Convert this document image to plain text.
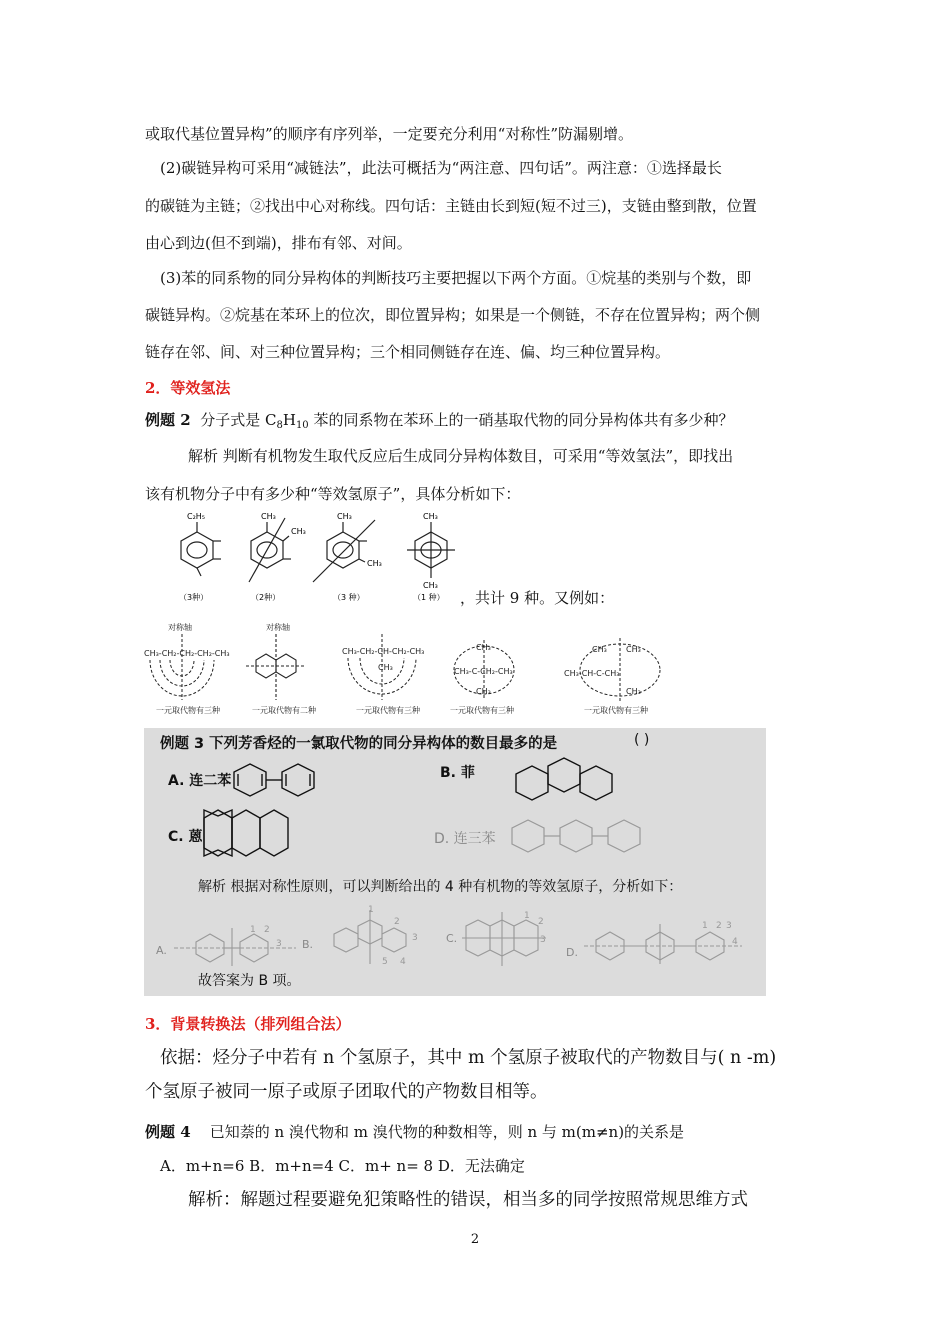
或取代基位置异构”的顺序有序列举，一定要充分利用“对称性”防漏剔增。
(2)碳链异构可采用“减链法”，此法可概括为“两注意、四句话”。两注意：①选择最长
的碳链为主链；②找出中心对称线。四句话：主链由长到短(短不过三)，支链由整到散，位置
由心到边(但不到端)，排布有邻、对间。
(3)苯的同系物的同分异构体的判断技巧主要把握以下两个方面。①烷基的类别与个数，即
碳链异构。②烷基在苯环上的位次，即位置异构；如果是一个侧链，不存在位置异构；两个侧
链存在邻、间、对三种位置异构；三个相同侧链存在连、偏、均三种位置异构。
2．等效氢法
例题 2 分子式是 $C_8H_{10}$ 苯的同系物在苯环上的一硝基取代物的同分异构体共有多少种？
解析 判断有机物发生取代反应后生成同分异构体数目，可采用“等效氢法”，即找出
该有机物分子中有多少种“等效氢原子”，具体分析如下：
C₂H₅
（3种）
CH₃
CH₃
（2种）
CH₃
CH₃
（3 种）
CH₃
CH₃
（1 种） ，共计 9 种。又例如：
对称轴
CH₃-CH₂-CH₂-CH₂-CH₃
一元取代物有三种
对称轴
一元取代物有二种
CH₃-CH₂-CH-CH₂-CH₃
CH₃
一元取代物有三种
CH₃
CH₃-C-CH₂-CH₃
CH₃
一元取代物有三种
CH₃ CH₃
CH₃-CH-C-CH₃
CH₃
一元取代物有三种
例题 3 下列芳香烃的一氯取代物的同分异构体的数目最多的是	( )
A. 连二苯	B. 菲
C. 蒽	D. 连三苯
解析 根据对称性原则，可以判断给出的 4 种有机物的等效氢原子，分析如下：
A.
1 2
3 B.
1
2
3
4
5
C.
1
2
3
D.
1 2 3
4
故答案为 B 项。
3．背景转换法（排列组合法）
依据：烃分子中若有 n 个氢原子，其中 m 个氢原子被取代的产物数目与( n -m)
个氢原子被同一原子或原子团取代的产物数目相等。
例题 4 已知萘的 n 溴代物和 m 溴代物的种数相等，则 n 与 m(m≠n)的关系是
A．m+n=6 B．m+n=4 C．m+ n= 8 D．无法确定
解析：解题过程要避免犯策略性的错误，相当多的同学按照常规思维方式
2
